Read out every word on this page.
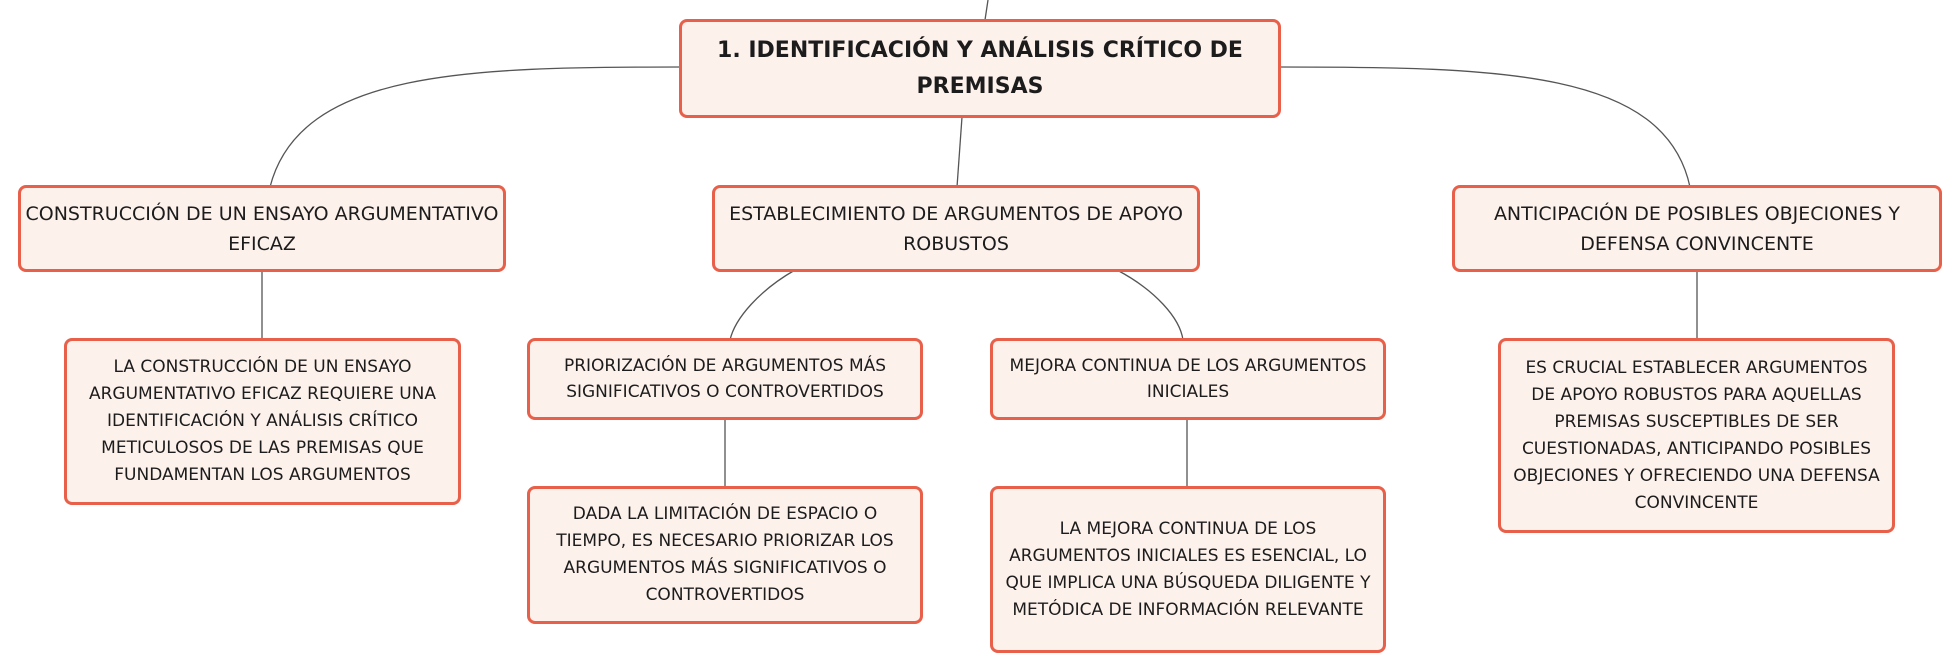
1. IDENTIFICACIÓN Y ANÁLISIS CRÍTICO DE PREMISAS
CONSTRUCCIÓN DE UN ENSAYO ARGUMENTATIVO EFICAZ
ESTABLECIMIENTO DE ARGUMENTOS DE APOYO ROBUSTOS
ANTICIPACIÓN DE POSIBLES OBJECIONES Y DEFENSA CONVINCENTE
LA CONSTRUCCIÓN DE UN ENSAYO ARGUMENTATIVO EFICAZ REQUIERE UNA IDENTIFICACIÓN Y ANÁLISIS CRÍTICO METICULOSOS DE LAS PREMISAS QUE FUNDAMENTAN LOS ARGUMENTOS
PRIORIZACIÓN DE ARGUMENTOS MÁS SIGNIFICATIVOS O CONTROVERTIDOS
MEJORA CONTINUA DE LOS ARGUMENTOS INICIALES
DADA LA LIMITACIÓN DE ESPACIO O TIEMPO, ES NECESARIO PRIORIZAR LOS ARGUMENTOS MÁS SIGNIFICATIVOS O CONTROVERTIDOS
LA MEJORA CONTINUA DE LOS ARGUMENTOS INICIALES ES ESENCIAL, LO QUE IMPLICA UNA BÚSQUEDA DILIGENTE Y METÓDICA DE INFORMACIÓN RELEVANTE
ES CRUCIAL ESTABLECER ARGUMENTOS DE APOYO ROBUSTOS PARA AQUELLAS PREMISAS SUSCEPTIBLES DE SER CUESTIONADAS, ANTICIPANDO POSIBLES OBJECIONES Y OFRECIENDO UNA DEFENSA CONVINCENTE
